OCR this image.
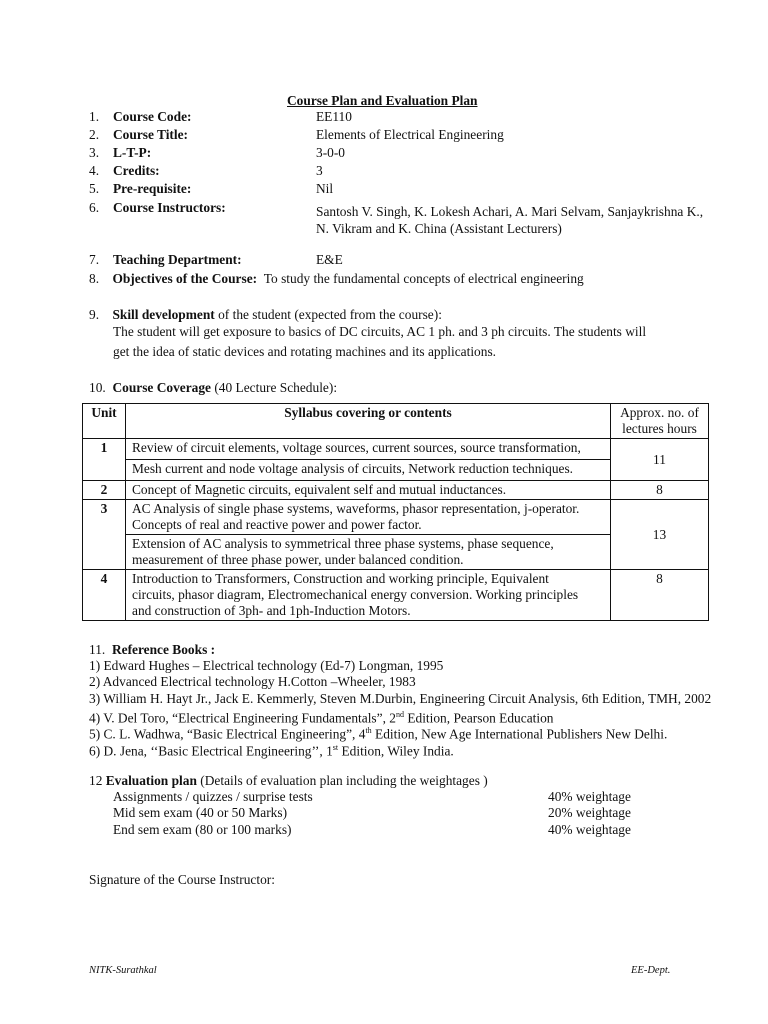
Course Plan and Evaluation Plan
1. Course Code:	EE110
2. Course Title:	Elements of Electrical Engineering
3. L-T-P:	3-0-0
4. Credits:	3
5. Pre-requisite:	Nil
6. Course Instructors:	Santosh V. Singh, K. Lokesh Achari, A. Mari Selvam, Sanjaykrishna K.,
N. Vikram and K. China (Assistant Lecturers)
7. Teaching Department:	E&E
8. Objectives of the Course: To study the fundamental concepts of electrical engineering
9. Skill development of the student (expected from the course):
The student will get exposure to basics of DC circuits, AC 1 ph. and 3 ph circuits. The students will
get the idea of static devices and rotating machines and its applications.
10. Course Coverage (40 Lecture Schedule):
Unit	Syllabus covering or contents	Approx. no. of
lectures hours
1	Review of circuit elements, voltage sources, current sources, source transformation,	11
	Mesh current and node voltage analysis of circuits, Network reduction techniques.	
2	Concept of Magnetic circuits, equivalent self and mutual inductances.	8
3	AC Analysis of single phase systems, waveforms, phasor representation, j-operator.
Concepts of real and reactive power and power factor.	13
	Extension of AC analysis to symmetrical three phase systems, phase sequence,
measurement of three phase power, under balanced condition.	
4	Introduction to Transformers, Construction and working principle, Equivalent
circuits, phasor diagram, Electromechanical energy conversion. Working principles
and construction of 3ph- and 1ph-Induction Motors.	8
11. Reference Books :
1) Edward Hughes – Electrical technology (Ed-7) Longman, 1995
2) Advanced Electrical technology H.Cotton –Wheeler, 1983
3) William H. Hayt Jr., Jack E. Kemmerly, Steven M.Durbin, Engineering Circuit Analysis, 6th Edition, TMH, 2002
4) V. Del Toro, “Electrical Engineering Fundamentals”, 2nd Edition, Pearson Education
5) C. L. Wadhwa, “Basic Electrical Engineering”, 4th Edition, New Age International Publishers New Delhi.
6) D. Jena, ‘‘Basic Electrical Engineering’’, 1st Edition, Wiley India.
12 Evaluation plan (Details of evaluation plan including the weightages )
Assignments / quizzes / surprise tests	40% weightage
Mid sem exam (40 or 50 Marks)	20% weightage
End sem exam (80 or 100 marks)	40% weightage
Signature of the Course Instructor:
NITK-Surathkal	EE-Dept.
